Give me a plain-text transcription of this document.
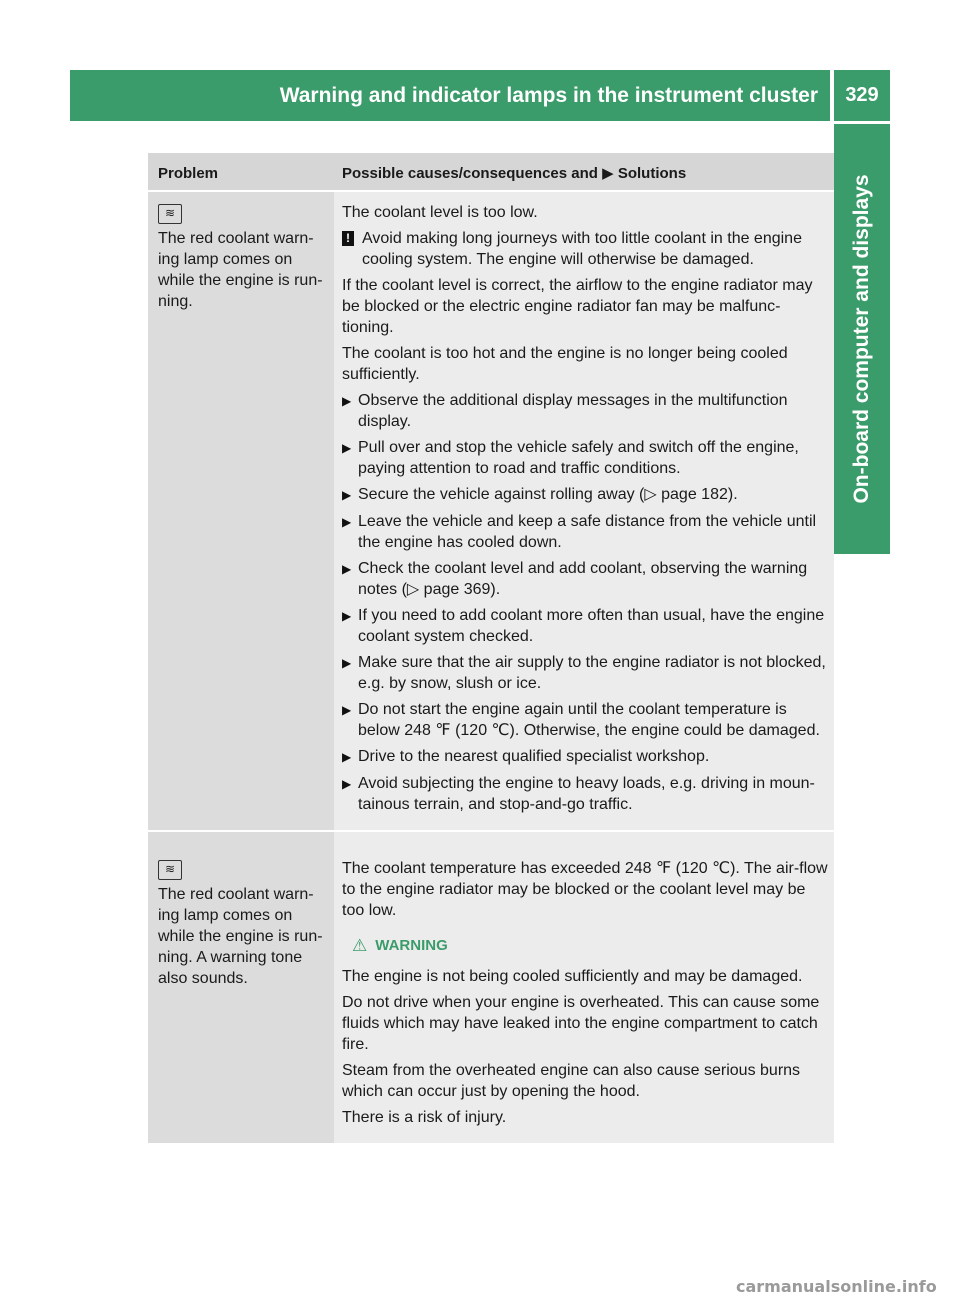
Warning and indicator lamps in the instrument cluster	329
On-board computer and displays
Problem	Possible causes/consequences and ▶ Solutions
≋
The red coolant warn-ing lamp comes on while the engine is run-ning.

The coolant level is too low.

! Avoid making long journeys with too little coolant in the engine cooling system. The engine will otherwise be damaged.

If the coolant level is correct, the airflow to the engine radiator may be blocked or the electric engine radiator fan may be malfunc-tioning.

The coolant is too hot and the engine is no longer being cooled sufficiently.

▶ Observe the additional display messages in the multifunction display.
▶ Pull over and stop the vehicle safely and switch off the engine, paying attention to road and traffic conditions.
▶ Secure the vehicle against rolling away (▷ page 182).
▶ Leave the vehicle and keep a safe distance from the vehicle until the engine has cooled down.
▶ Check the coolant level and add coolant, observing the warning notes (▷ page 369).
▶ If you need to add coolant more often than usual, have the engine coolant system checked.
▶ Make sure that the air supply to the engine radiator is not blocked, e.g. by snow, slush or ice.
▶ Do not start the engine again until the coolant temperature is below 248 ℉ (120 ℃). Otherwise, the engine could be damaged.
▶ Drive to the nearest qualified specialist workshop.
▶ Avoid subjecting the engine to heavy loads, e.g. driving in moun-tainous terrain, and stop-and-go traffic.
≋
The red coolant warn-ing lamp comes on while the engine is run-ning. A warning tone also sounds.

The coolant temperature has exceeded 248 ℉ (120 ℃). The air-flow to the engine radiator may be blocked or the coolant level may be too low.

⚠ WARNING

The engine is not being cooled sufficiently and may be damaged.

Do not drive when your engine is overheated. This can cause some fluids which may have leaked into the engine compartment to catch fire.

Steam from the overheated engine can also cause serious burns which can occur just by opening the hood.

There is a risk of injury.

carmanualsonline.info
